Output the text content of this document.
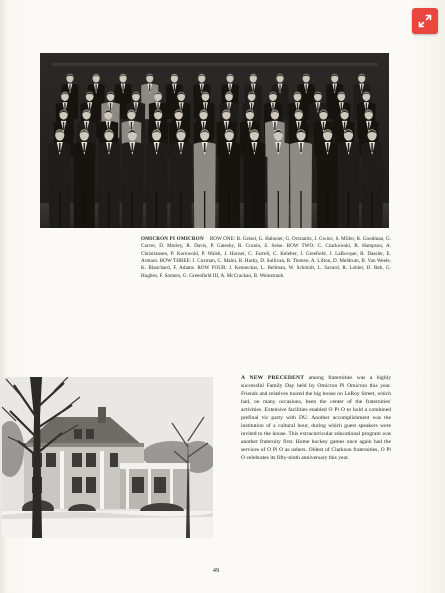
OMICRON PI OMICRON ROW ONE: B. Geisel, G. Haboner, G. Orrzanltz, J. Gwinc, S. Miller, R. Goodman, G. Carver, D. Murley, R. Davis, P. Gatesby, R. Cronin, S. Seise. ROW TWO: C. Czarkowski, R. Hampson, A. Christiansen, P. Kornwold, P. Walsh, J. Horner, C. Farrell, C. Keleher, J. Greefield, J. LaRocque, R. Dassler, E. Armaro. ROW THREE: J. Coxman, C. Malni, R. Harky, D. Sullivan, R. Tiemen, A. Lifton, D. Meldrum, B. Van Weele, K. Blanchard, F. Adams. ROW FOUR: J. Kenneckar, L. Bellman, W. Schmidt, L. Savard, R. Lohler, D. Reh, G. Hughes, F. Somers, G. Greenfield III, A. McCrackan, B. Weinstraub.
A NEW PRECEDENT among fraternities was a highly successful Family Day held by Omicron Pi Omicron this year. Friends and relatives toured the big house on LeRoy Street, which had, on many occasions, been the center of the fraternities' activities. Extensive facilities enabled O Pi O to hold a combined prefinal vic party with DU. Another accomplishment was the institution of a cultural hour, during which guest speakers were invited to the house. This extracurricular educational program was another fraternity first. Home hockey games once again had the services of O Pi O as ushers. Oldest of Clarkson fraternities, O Pi O celebrates its fifty-ninth anniversary this year.
49
